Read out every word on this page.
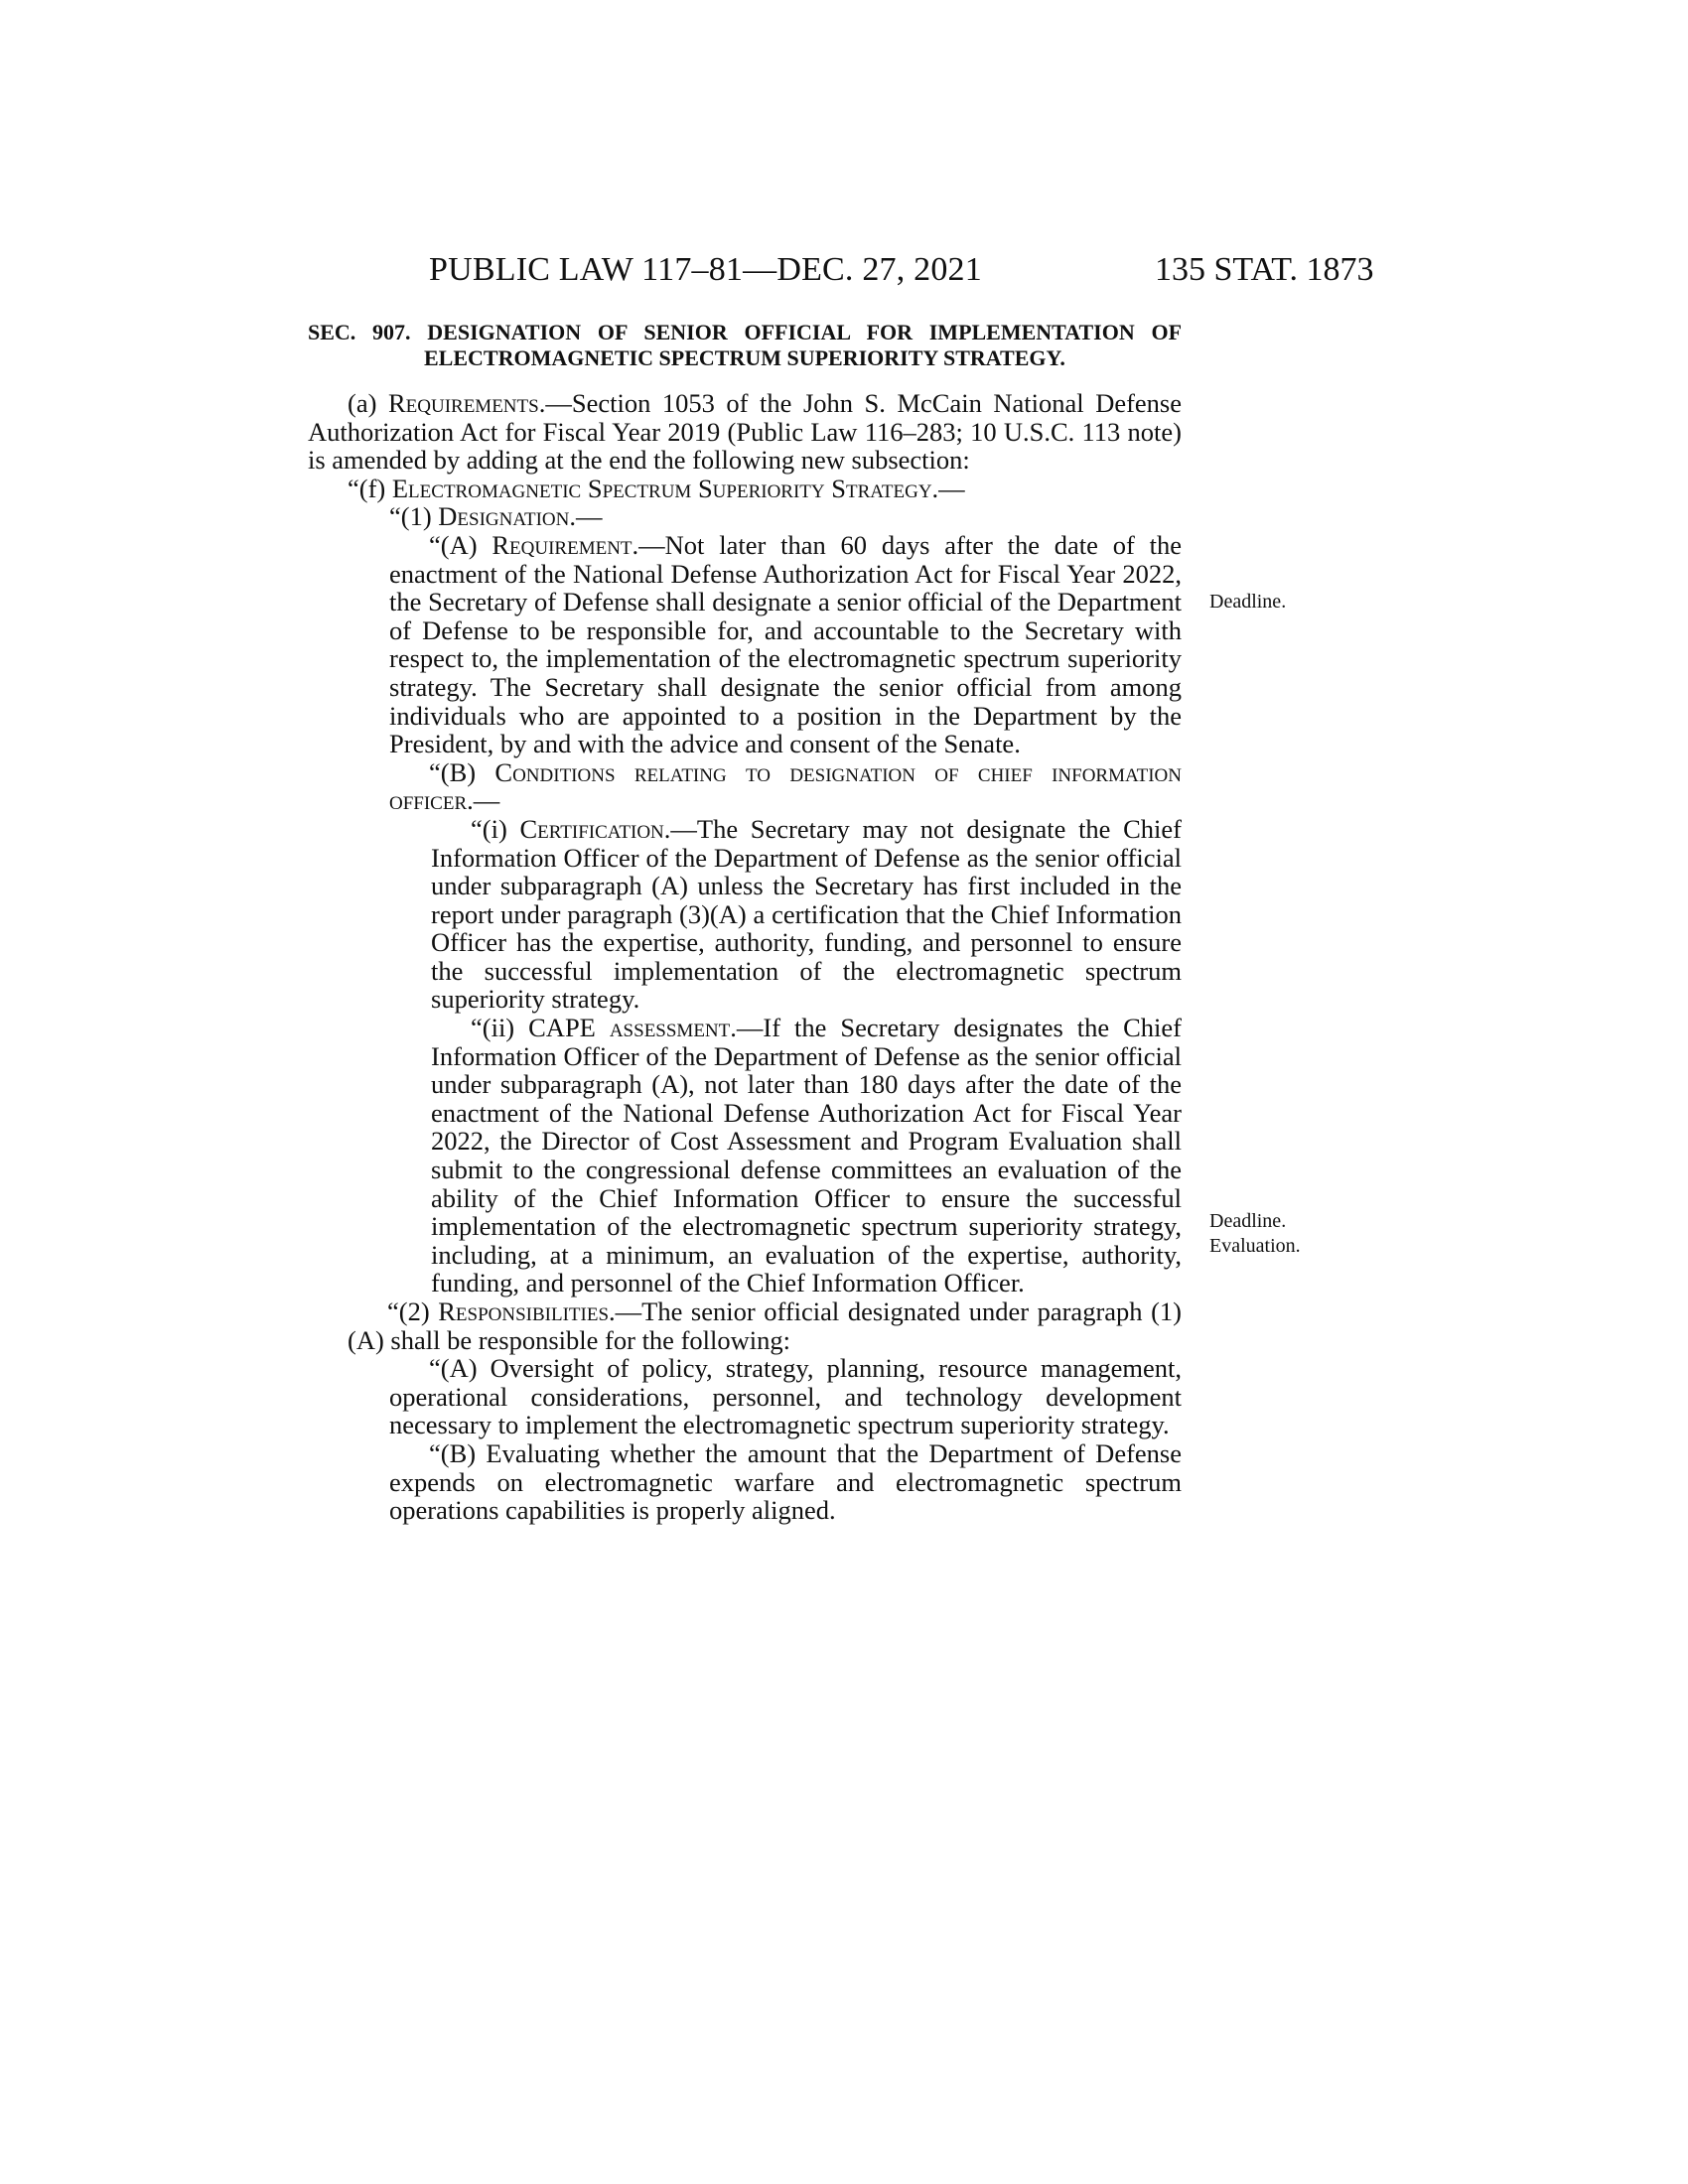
PUBLIC LAW 117–81—DEC. 27, 2021	135 STAT. 1873
Deadline.
Deadline.
Evaluation.
SEC. 907. DESIGNATION OF SENIOR OFFICIAL FOR IMPLEMENTATION OF ELECTROMAGNETIC SPECTRUM SUPERIORITY STRATEGY.

(a) Requirements.—Section 1053 of the John S. McCain National Defense Authorization Act for Fiscal Year 2019 (Public Law 116–283; 10 U.S.C. 113 note) is amended by adding at the end the following new subsection:

“(f) Electromagnetic Spectrum Superiority Strategy.—

“(1) Designation.—

“(A) Requirement.—Not later than 60 days after the date of the enactment of the National Defense Authorization Act for Fiscal Year 2022, the Secretary of Defense shall designate a senior official of the Department of Defense to be responsible for, and accountable to the Secretary with respect to, the implementation of the electromagnetic spectrum superiority strategy. The Secretary shall designate the senior official from among individuals who are appointed to a position in the Department by the President, by and with the advice and consent of the Senate.

“(B) Conditions relating to designation of chief information officer.—

“(i) Certification.—The Secretary may not designate the Chief Information Officer of the Department of Defense as the senior official under subparagraph (A) unless the Secretary has first included in the report under paragraph (3)(A) a certification that the Chief Information Officer has the expertise, authority, funding, and personnel to ensure the successful implementation of the electromagnetic spectrum superiority strategy.

“(ii) CAPE assessment.—If the Secretary designates the Chief Information Officer of the Department of Defense as the senior official under subparagraph (A), not later than 180 days after the date of the enactment of the National Defense Authorization Act for Fiscal Year 2022, the Director of Cost Assessment and Program Evaluation shall submit to the congressional defense committees an evaluation of the ability of the Chief Information Officer to ensure the successful implementation of the electromagnetic spectrum superiority strategy, including, at a minimum, an evaluation of the expertise, authority, funding, and personnel of the Chief Information Officer.

“(2) Responsibilities.—The senior official designated under paragraph (1)(A) shall be responsible for the following:

“(A) Oversight of policy, strategy, planning, resource management, operational considerations, personnel, and technology development necessary to implement the electromagnetic spectrum superiority strategy.

“(B) Evaluating whether the amount that the Department of Defense expends on electromagnetic warfare and electromagnetic spectrum operations capabilities is properly aligned.
